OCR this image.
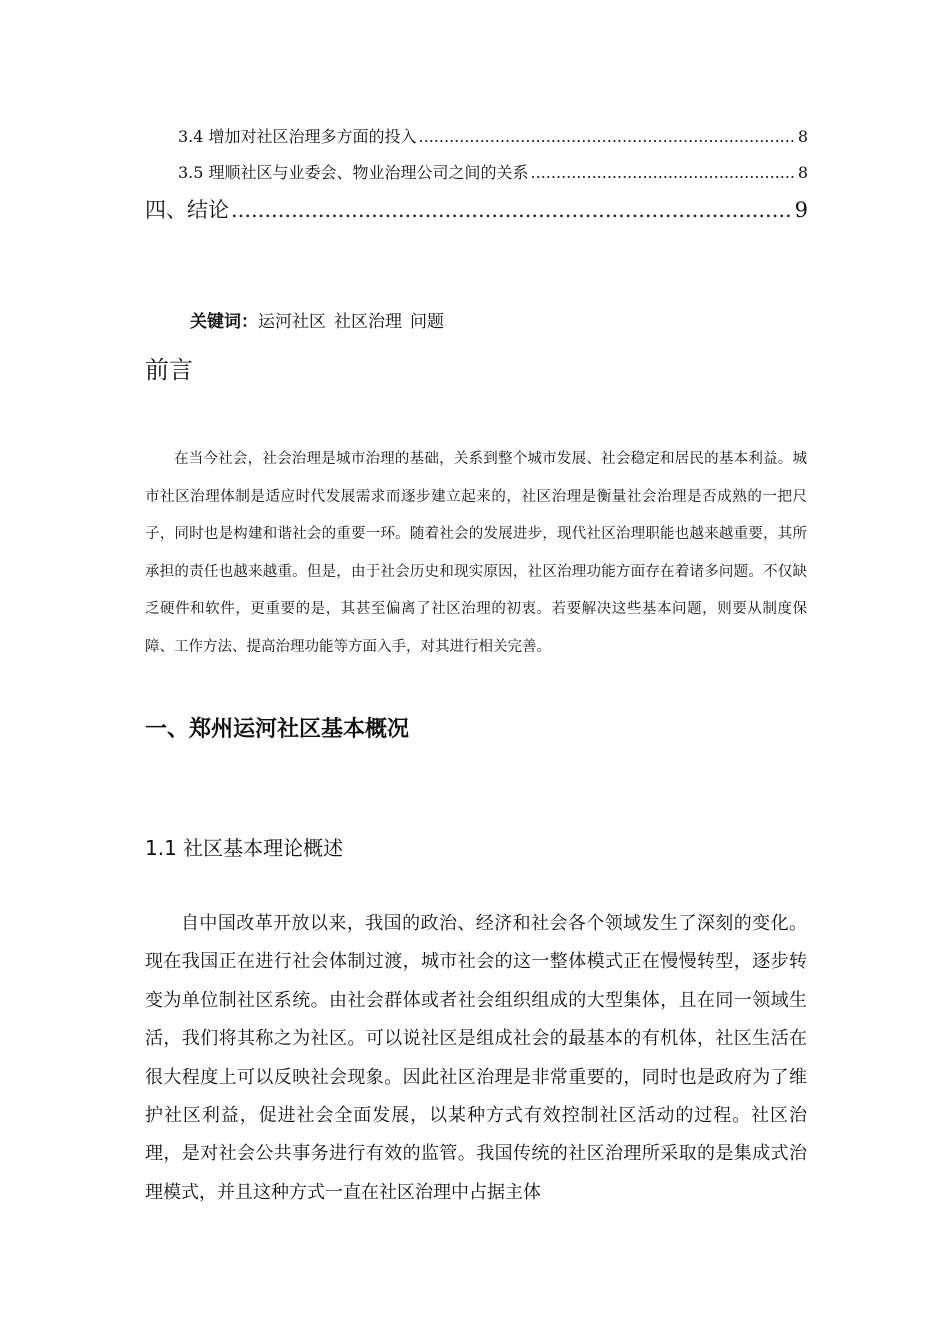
3.4 增加对社区治理多方面的投入 .....	8
3.5 理顺社区与业委会、物业治理公司之间的关系 .....	8
四、结论 .....	9
关键词：运河社区 社区治理 问题
前言

在当今社会，社会治理是城市治理的基础，关系到整个城市发展、社会稳定和居民的基本利益。城市社区治理体制是适应时代发展需求而逐步建立起来的，社区治理是衡量社会治理是否成熟的一把尺子，同时也是构建和谐社会的重要一环。随着社会的发展进步，现代社区治理职能也越来越重要，其所承担的责任也越来越重。但是，由于社会历史和现实原因，社区治理功能方面存在着诸多问题。不仅缺乏硬件和软件，更重要的是，其甚至偏离了社区治理的初衷。若要解决这些基本问题，则要从制度保障、工作方法、提高治理功能等方面入手，对其进行相关完善。

一、郑州运河社区基本概况
1.1 社区基本理论概述

自中国改革开放以来，我国的政治、经济和社会各个领域发生了深刻的变化。现在我国正在进行社会体制过渡，城市社会的这一整体模式正在慢慢转型，逐步转变为单位制社区系统。由社会群体或者社会组织组成的大型集体，且在同一领域生活，我们将其称之为社区。可以说社区是组成社会的最基本的有机体，社区生活在很大程度上可以反映社会现象。因此社区治理是非常重要的，同时也是政府为了维护社区利益，促进社会全面发展，以某种方式有效控制社区活动的过程。社区治理，是对社会公共事务进行有效的监管。我国传统的社区治理所采取的是集成式治理模式，并且这种方式一直在社区治理中占据主体
